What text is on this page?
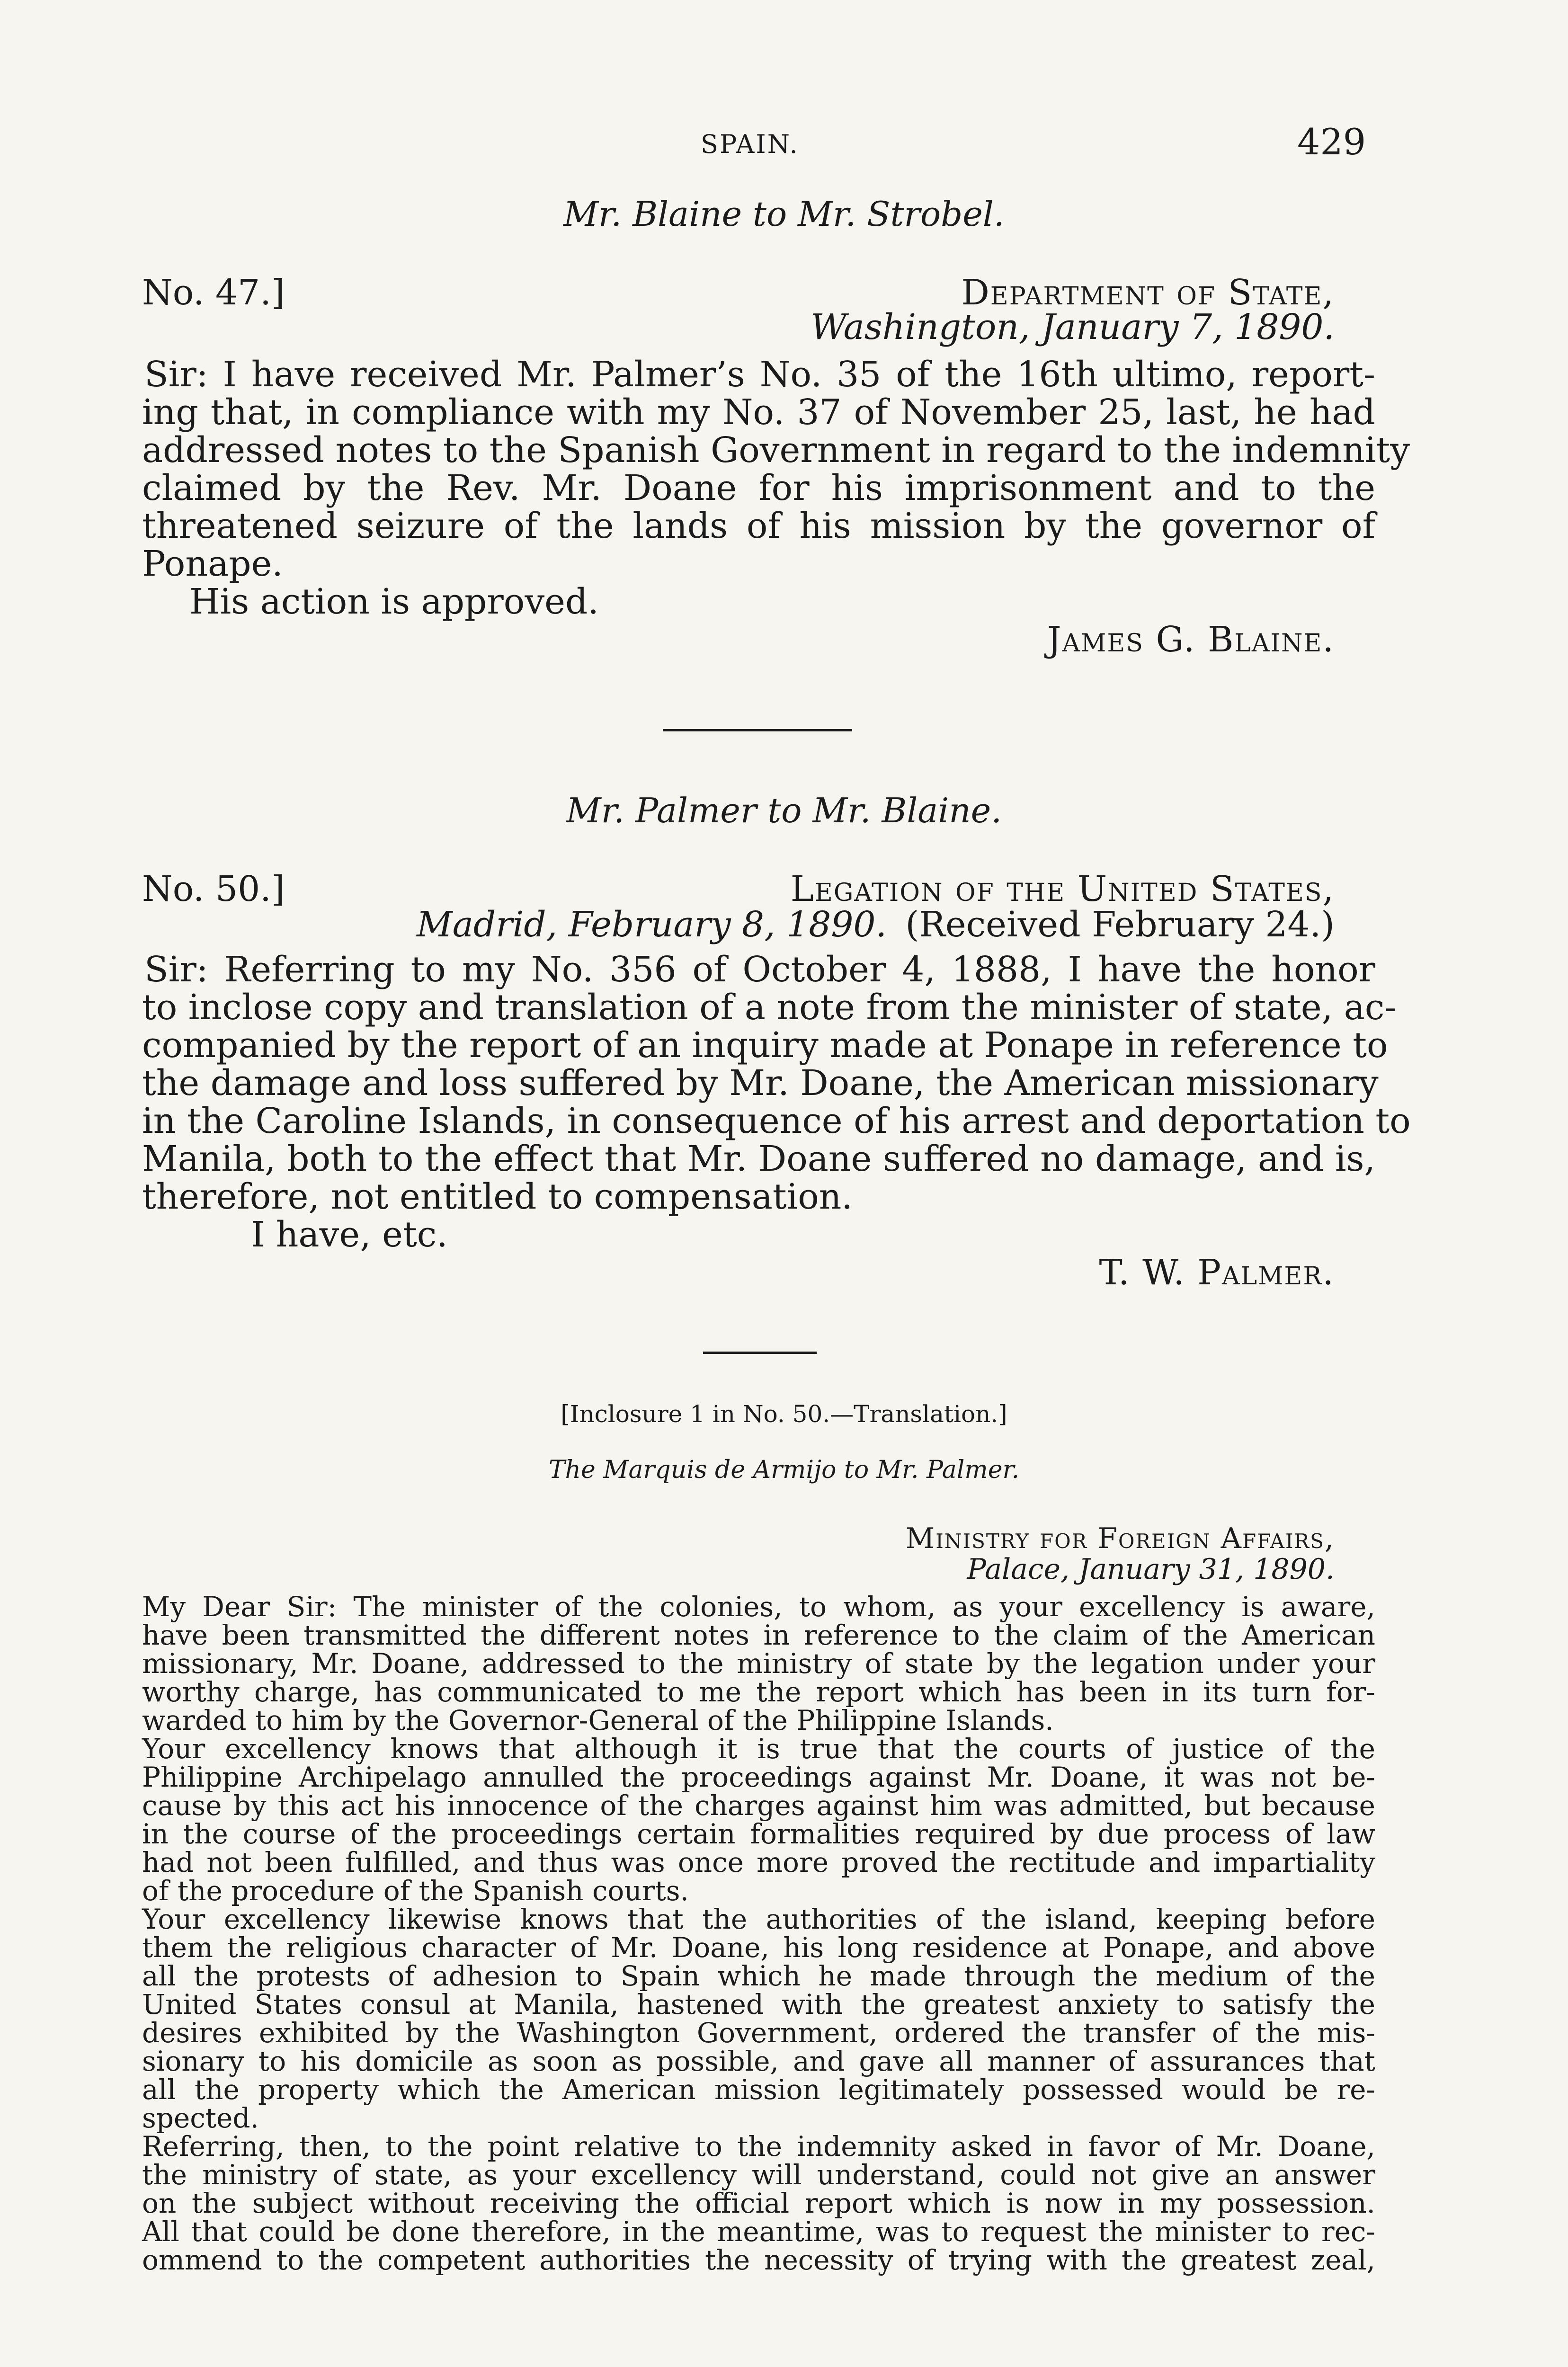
SPAIN.	429
Mr. Blaine to Mr. Strobel.
No. 47.]	Department of State,
Washington, January 7, 1890.
Sir: I have received Mr. Palmer’s No. 35 of the 16th ultimo, report-
ing that, in compliance with my No. 37 of November 25, last, he had
addressed notes to the Spanish Government in regard to the indemnity
claimed by the Rev. Mr. Doane for his imprisonment and to the
threatened seizure of the lands of his mission by the governor of
Ponape.
His action is approved.
James G. Blaine.
Mr. Palmer to Mr. Blaine.
No. 50.]	Legation of the United States,
Madrid, February 8, 1890. (Received February 24.)
Sir: Referring to my No. 356 of October 4, 1888, I have the honor
to inclose copy and translation of a note from the minister of state, ac-
companied by the report of an inquiry made at Ponape in reference to
the damage and loss suffered by Mr. Doane, the American missionary
in the Caroline Islands, in consequence of his arrest and deportation to
Manila, both to the effect that Mr. Doane suffered no damage, and is,
therefore, not entitled to compensation.
I have, etc.
T. W. Palmer.
[Inclosure 1 in No. 50.—Translation.]
The Marquis de Armijo to Mr. Palmer.
Ministry for Foreign Affairs,
Palace, January 31, 1890.
My Dear Sir: The minister of the colonies, to whom, as your excellency is aware,
have been transmitted the different notes in reference to the claim of the American
missionary, Mr. Doane, addressed to the ministry of state by the legation under your
worthy charge, has communicated to me the report which has been in its turn for-
warded to him by the Governor-General of the Philippine Islands.
Your excellency knows that although it is true that the courts of justice of the
Philippine Archipelago annulled the proceedings against Mr. Doane, it was not be-
cause by this act his innocence of the charges against him was admitted, but because
in the course of the proceedings certain formalities required by due process of law
had not been fulfilled, and thus was once more proved the rectitude and impartiality
of the procedure of the Spanish courts.
Your excellency likewise knows that the authorities of the island, keeping before
them the religious character of Mr. Doane, his long residence at Ponape, and above
all the protests of adhesion to Spain which he made through the medium of the
United States consul at Manila, hastened with the greatest anxiety to satisfy the
desires exhibited by the Washington Government, ordered the transfer of the mis-
sionary to his domicile as soon as possible, and gave all manner of assurances that
all the property which the American mission legitimately possessed would be re-
spected.
Referring, then, to the point relative to the indemnity asked in favor of Mr. Doane,
the ministry of state, as your excellency will understand, could not give an answer
on the subject without receiving the official report which is now in my possession.
All that could be done therefore, in the meantime, was to request the minister to rec-
ommend to the competent authorities the necessity of trying with the greatest zeal,
